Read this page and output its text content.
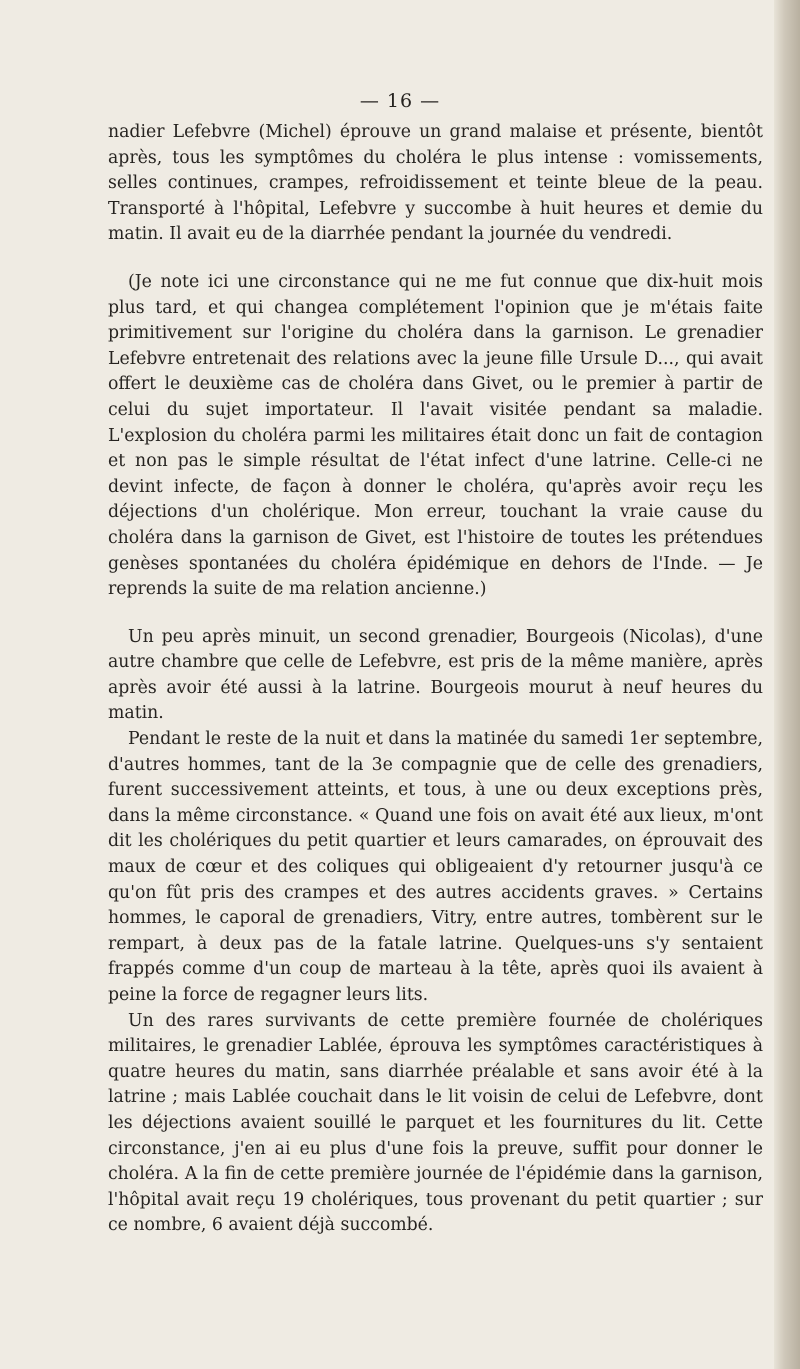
— 16 —

nadier Lefebvre (Michel) éprouve un grand malaise et présente, bientôt après, tous les symptômes du choléra le plus intense : vomissements, selles continues, crampes, refroidissement et teinte bleue de la peau. Transporté à l'hôpital, Lefebvre y succombe à huit heures et demie du matin. Il avait eu de la diarrhée pendant la journée du vendredi.

(Je note ici une circonstance qui ne me fut connue que dix-huit mois plus tard, et qui changea complétement l'opinion que je m'étais faite primitivement sur l'origine du choléra dans la garnison. Le grenadier Lefebvre entretenait des relations avec la jeune fille Ursule D..., qui avait offert le deuxième cas de choléra dans Givet, ou le premier à partir de celui du sujet importateur. Il l'avait visitée pendant sa maladie. L'explosion du choléra parmi les militaires était donc un fait de contagion et non pas le simple résultat de l'état infect d'une latrine. Celle-ci ne devint infecte, de façon à donner le choléra, qu'après avoir reçu les déjections d'un cholérique. Mon erreur, touchant la vraie cause du choléra dans la garnison de Givet, est l'histoire de toutes les prétendues genèses spontanées du choléra épidémique en dehors de l'Inde. — Je reprends la suite de ma relation ancienne.)

Un peu après minuit, un second grenadier, Bourgeois (Nicolas), d'une autre chambre que celle de Lefebvre, est pris de la même manière, après après avoir été aussi à la latrine. Bourgeois mourut à neuf heures du matin.

Pendant le reste de la nuit et dans la matinée du samedi 1er septembre, d'autres hommes, tant de la 3e compagnie que de celle des grenadiers, furent successivement atteints, et tous, à une ou deux exceptions près, dans la même circonstance. « Quand une fois on avait été aux lieux, m'ont dit les cholériques du petit quartier et leurs camarades, on éprouvait des maux de cœur et des coliques qui obligeaient d'y retourner jusqu'à ce qu'on fût pris des crampes et des autres accidents graves. » Certains hommes, le caporal de grenadiers, Vitry, entre autres, tombèrent sur le rempart, à deux pas de la fatale latrine. Quelques-uns s'y sentaient frappés comme d'un coup de marteau à la tête, après quoi ils avaient à peine la force de regagner leurs lits.

Un des rares survivants de cette première fournée de cholériques militaires, le grenadier Lablée, éprouva les symptômes caractéristiques à quatre heures du matin, sans diarrhée préalable et sans avoir été à la latrine ; mais Lablée couchait dans le lit voisin de celui de Lefebvre, dont les déjections avaient souillé le parquet et les fournitures du lit. Cette circonstance, j'en ai eu plus d'une fois la preuve, suffit pour donner le choléra. A la fin de cette première journée de l'épidémie dans la garnison, l'hôpital avait reçu 19 cholériques, tous provenant du petit quartier ; sur ce nombre, 6 avaient déjà succombé.
